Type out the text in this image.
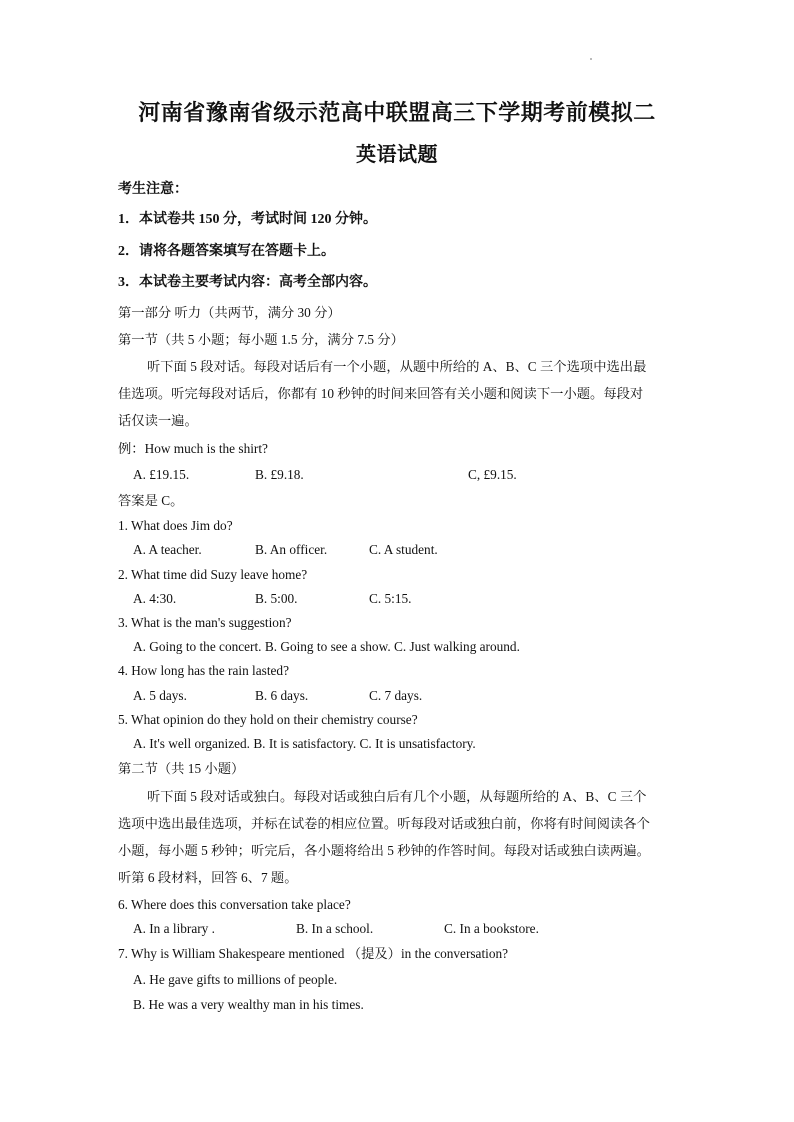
河南省豫南省级示范高中联盟高三下学期考前模拟二
英语试题
考生注意：
1．本试卷共 150 分，考试时间 120 分钟。
2．请将各题答案填写在答题卡上。
3．本试卷主要考试内容：高考全部内容。
第一部分 听力（共两节，满分 30 分）
第一节（共 5 小题；每小题 1.5 分，满分 7.5 分）
听下面 5 段对话。每段对话后有一个小题，从题中所给的 A、B、C 三个选项中选出最
佳选项。听完每段对话后，你都有 10 秒钟的时间来回答有关小题和阅读下一小题。每段对
话仅读一遍。
例：How much is the shirt?
A. £19.15.	B. £9.18.	C, £9.15.
答案是 C。
1. What does Jim do?
A. A teacher.	B. An officer.	C. A student.
2. What time did Suzy leave home?
A. 4:30.	B. 5:00.	C. 5:15.
3. What is the man's suggestion?
A. Going to the concert. B. Going to see a show. C. Just walking around.
4. How long has the rain lasted?
A. 5 days.	B. 6 days.	C. 7 days.
5. What opinion do they hold on their chemistry course?
A. It's well organized. B. It is satisfactory. C. It is unsatisfactory.
第二节（共 15 小题）
听下面 5 段对话或独白。每段对话或独白后有几个小题，从每题所给的 A、B、C 三个
选项中选出最佳选项，并标在试卷的相应位置。听每段对话或独白前，你将有时间阅读各个
小题，每小题 5 秒钟；听完后，各小题将给出 5 秒钟的作答时间。每段对话或独白读两遍。
听第 6 段材料，回答 6、7 题。
6. Where does this conversation take place?
A. In a library .	B. In a school.	C. In a bookstore.
7. Why is William Shakespeare mentioned （提及）in the conversation?
A. He gave gifts to millions of people.
B. He was a very wealthy man in his times.
